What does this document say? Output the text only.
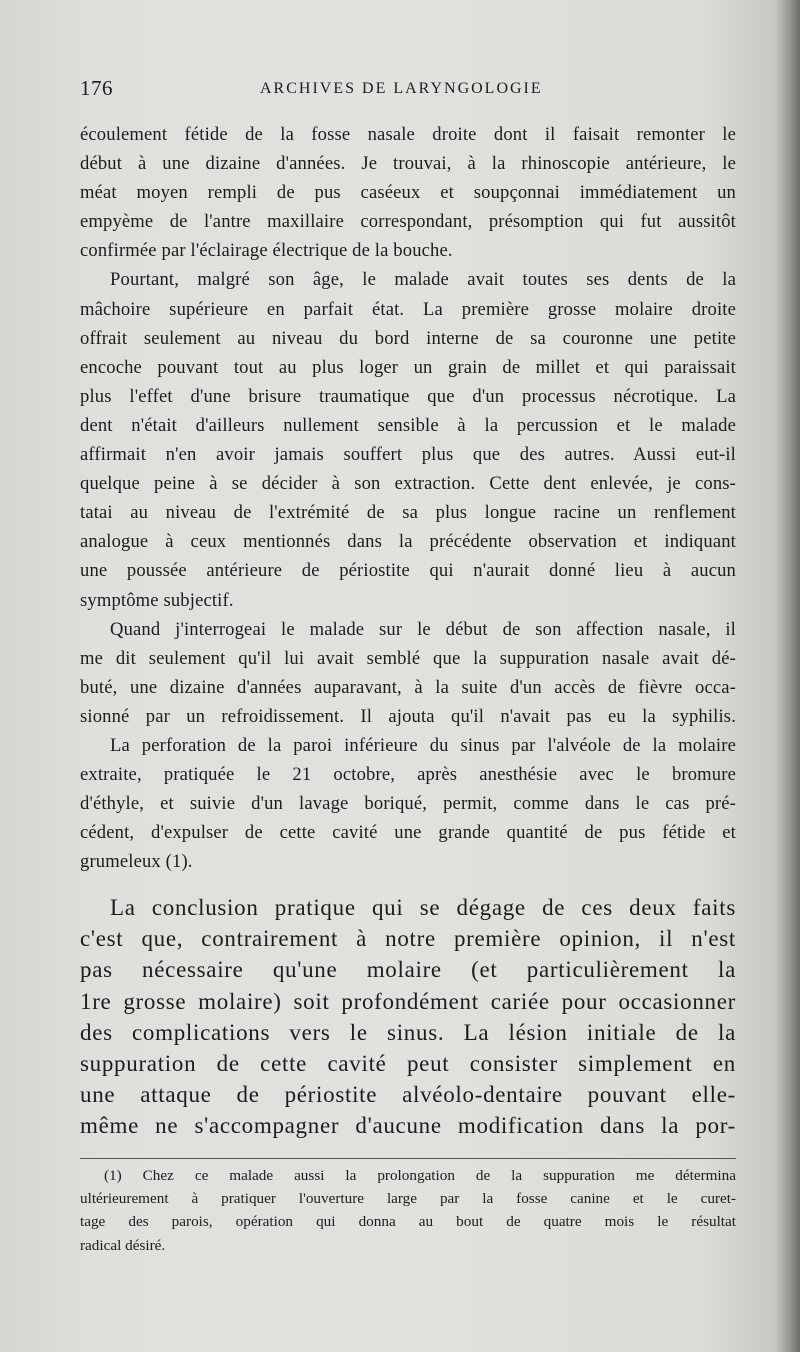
176	ARCHIVES DE LARYNGOLOGIE
écoulement fétide de la fosse nasale droite dont il faisait remonter le
début à une dizaine d'années. Je trouvai, à la rhinoscopie antérieure, le
méat moyen rempli de pus caséeux et soupçonnai immédiatement un
empyème de l'antre maxillaire correspondant, présomption qui fut aussitôt
confirmée par l'éclairage électrique de la bouche.
Pourtant, malgré son âge, le malade avait toutes ses dents de la
mâchoire supérieure en parfait état. La première grosse molaire droite
offrait seulement au niveau du bord interne de sa couronne une petite
encoche pouvant tout au plus loger un grain de millet et qui paraissait
plus l'effet d'une brisure traumatique que d'un processus nécrotique. La
dent n'était d'ailleurs nullement sensible à la percussion et le malade
affirmait n'en avoir jamais souffert plus que des autres. Aussi eut-il
quelque peine à se décider à son extraction. Cette dent enlevée, je cons-
tatai au niveau de l'extrémité de sa plus longue racine un renflement
analogue à ceux mentionnés dans la précédente observation et indiquant
une poussée antérieure de périostite qui n'aurait donné lieu à aucun
symptôme subjectif.
Quand j'interrogeai le malade sur le début de son affection nasale, il
me dit seulement qu'il lui avait semblé que la suppuration nasale avait dé-
buté, une dizaine d'années auparavant, à la suite d'un accès de fièvre occa-
sionné par un refroidissement. Il ajouta qu'il n'avait pas eu la syphilis.
La perforation de la paroi inférieure du sinus par l'alvéole de la molaire
extraite, pratiquée le 21 octobre, après anesthésie avec le bromure
d'éthyle, et suivie d'un lavage boriqué, permit, comme dans le cas pré-
cédent, d'expulser de cette cavité une grande quantité de pus fétide et
grumeleux (1).
La conclusion pratique qui se dégage de ces deux faits
c'est que, contrairement à notre première opinion, il n'est
pas nécessaire qu'une molaire (et particulièrement la
1re grosse molaire) soit profondément cariée pour occasionner
des complications vers le sinus. La lésion initiale de la
suppuration de cette cavité peut consister simplement en
une attaque de périostite alvéolo-dentaire pouvant elle-
même ne s'accompagner d'aucune modification dans la por-
(1) Chez ce malade aussi la prolongation de la suppuration me détermina
ultérieurement à pratiquer l'ouverture large par la fosse canine et le curet-
tage des parois, opération qui donna au bout de quatre mois le résultat
radical désiré.
